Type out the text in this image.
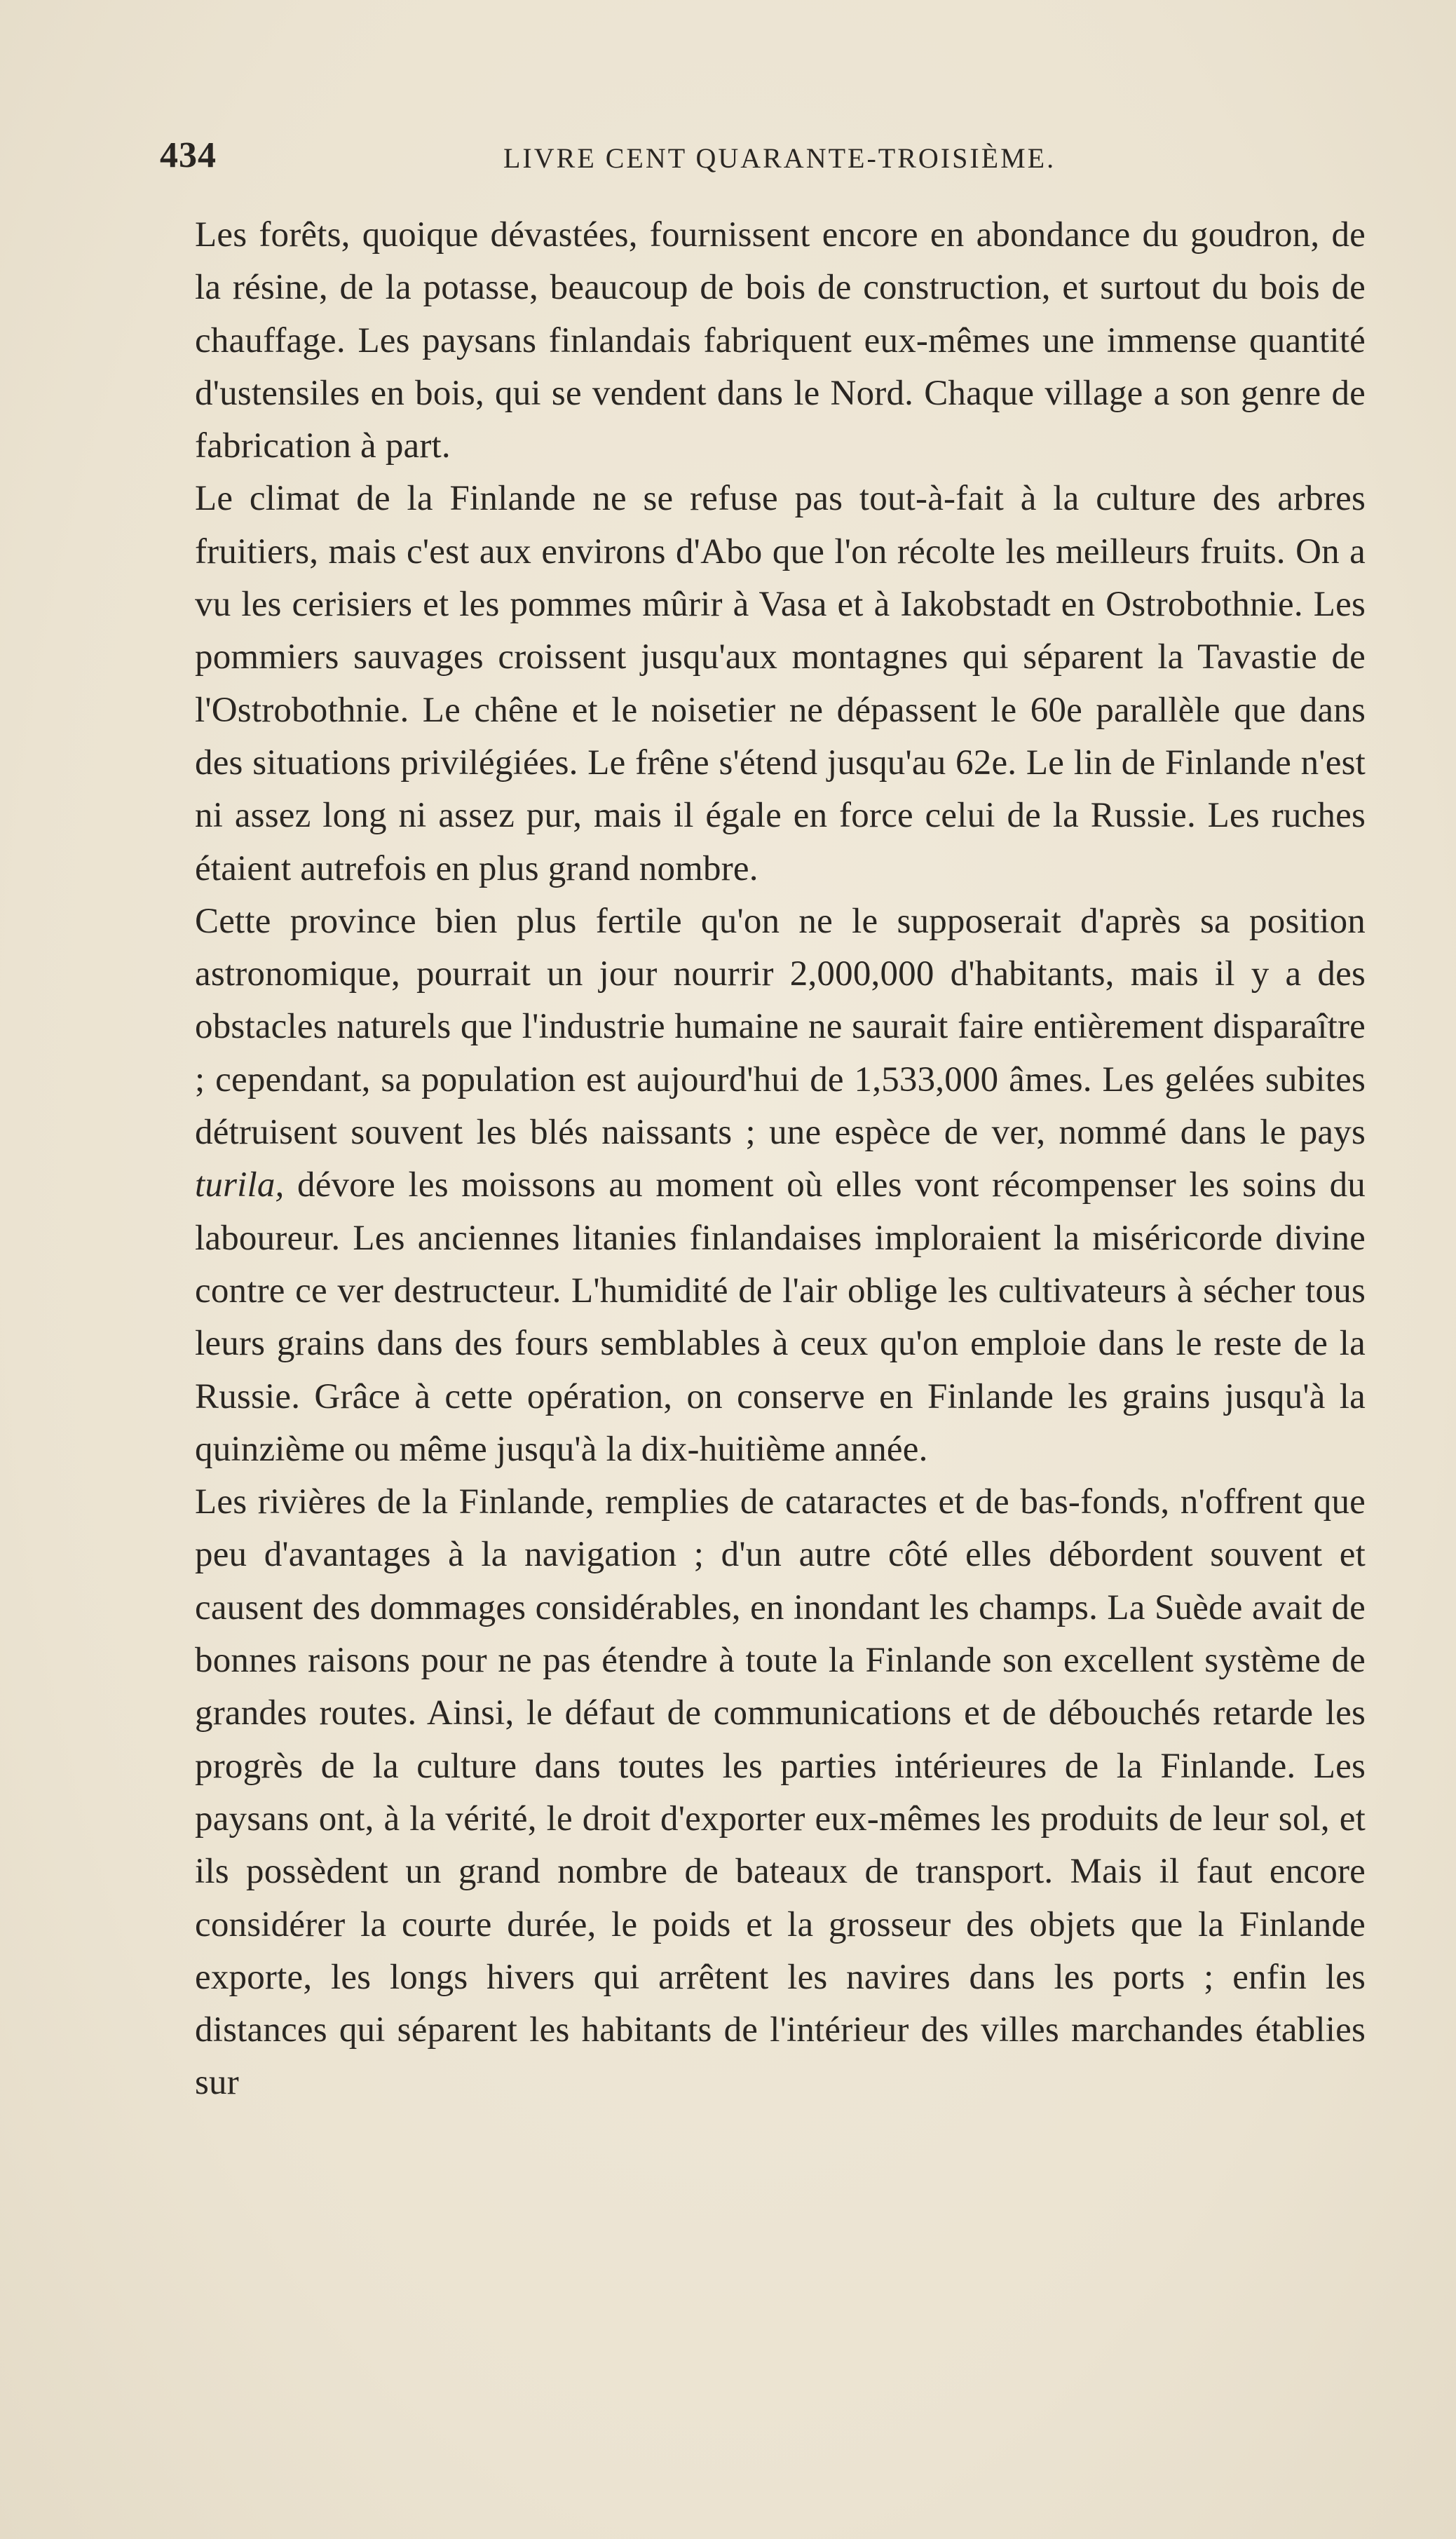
434	LIVRE CENT QUARANTE-TROISIÈME.

Les forêts, quoique dévastées, fournissent encore en abondance du goudron, de la résine, de la potasse, beaucoup de bois de construction, et surtout du bois de chauffage. Les paysans finlandais fabriquent eux-mêmes une immense quantité d'ustensiles en bois, qui se vendent dans le Nord. Chaque village a son genre de fabrication à part.

Le climat de la Finlande ne se refuse pas tout-à-fait à la culture des arbres fruitiers, mais c'est aux environs d'Abo que l'on récolte les meilleurs fruits. On a vu les cerisiers et les pommes mûrir à Vasa et à Iakobstadt en Ostrobothnie. Les pommiers sauvages croissent jusqu'aux montagnes qui séparent la Tavastie de l'Ostrobothnie. Le chêne et le noisetier ne dépassent le 60e parallèle que dans des situations privilégiées. Le frêne s'étend jusqu'au 62e. Le lin de Finlande n'est ni assez long ni assez pur, mais il égale en force celui de la Russie. Les ruches étaient autrefois en plus grand nombre.

Cette province bien plus fertile qu'on ne le supposerait d'après sa position astronomique, pourrait un jour nourrir 2,000,000 d'habitants, mais il y a des obstacles naturels que l'industrie humaine ne saurait faire entièrement disparaître ; cependant, sa population est aujourd'hui de 1,533,000 âmes. Les gelées subites détruisent souvent les blés naissants ; une espèce de ver, nommé dans le pays turila, dévore les moissons au moment où elles vont récompenser les soins du laboureur. Les anciennes litanies finlandaises imploraient la miséricorde divine contre ce ver destructeur. L'humidité de l'air oblige les cultivateurs à sécher tous leurs grains dans des fours semblables à ceux qu'on emploie dans le reste de la Russie. Grâce à cette opération, on conserve en Finlande les grains jusqu'à la quinzième ou même jusqu'à la dix-huitième année.

Les rivières de la Finlande, remplies de cataractes et de bas-fonds, n'offrent que peu d'avantages à la navigation ; d'un autre côté elles débordent souvent et causent des dommages considérables, en inondant les champs. La Suède avait de bonnes raisons pour ne pas étendre à toute la Finlande son excellent système de grandes routes. Ainsi, le défaut de communications et de débouchés retarde les progrès de la culture dans toutes les parties intérieures de la Finlande. Les paysans ont, à la vérité, le droit d'exporter eux-mêmes les produits de leur sol, et ils possèdent un grand nombre de bateaux de transport. Mais il faut encore considérer la courte durée, le poids et la grosseur des objets que la Finlande exporte, les longs hivers qui arrêtent les navires dans les ports ; enfin les distances qui séparent les habitants de l'intérieur des villes marchandes établies sur
